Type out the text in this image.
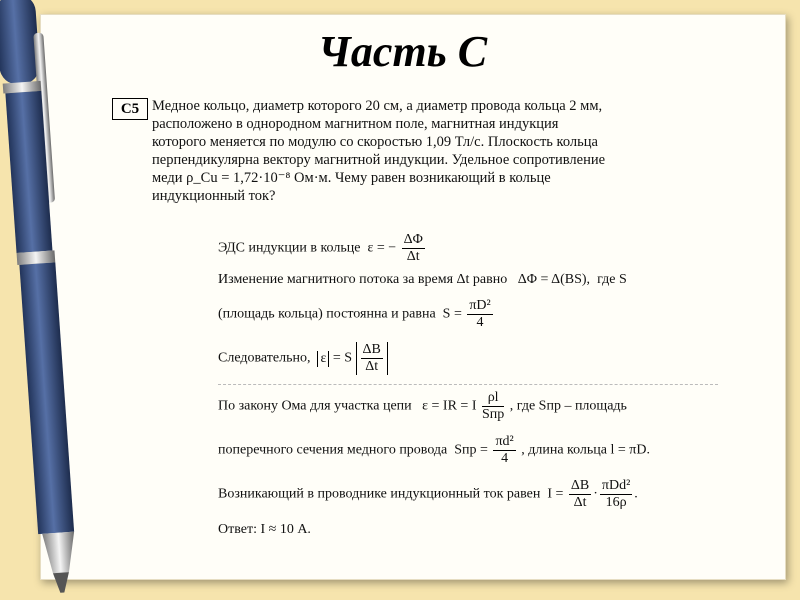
Часть С
C5 Медное кольцо, диаметр которого 20 см, а диаметр провода кольца 2 мм,
расположено в однородном магнитном поле, магнитная индукция
которого меняется по модулю со скоростью 1,09 Тл/с. Плоскость кольца
перпендикулярна вектору магнитной индукции. Удельное сопротивление
меди ρ_Cu = 1,72·10⁻⁸ Ом·м. Чему равен возникающий в кольце
индукционный ток?

ЭДС индукции в кольце ε = − $\frac{\Delta\Phi}{\Delta t}$
Изменение магнитного потока за время Δt равно ΔΦ = Δ(BS), где S
(площадь кольца) постоянна и равна $S = \frac{\text{πD²}}{4}$
Следовательно, ε = S $\frac{\Delta B}{\Delta t}$
По закону Ома для участка цепи ε = IR = I $\frac{\rho l}{\text{Sпр}}$ , где Sпр – площадь
поперечного сечения медного провода Sпр = $\frac{\text{πd²}}{4}$ , длина кольца l = πD.
Возникающий в проводнике индукционный ток равен $I = \frac{\Delta B}{\Delta t} \cdot \frac{\text{πDd²}}{16\rho}$ .
Ответ: I ≈ 10 А.
